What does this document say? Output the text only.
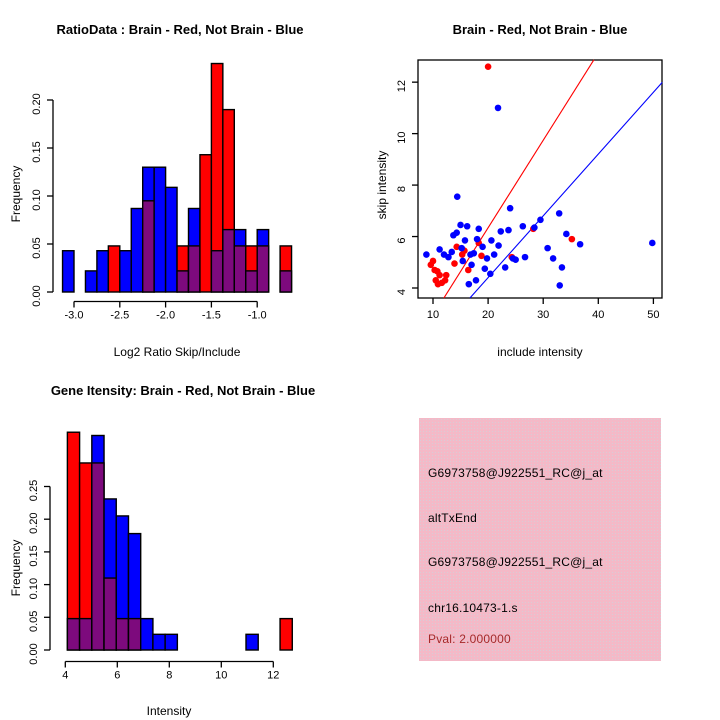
0.00
0.05
0.10
0.15
0.20
-3.0 -2.5 -2.0 -1.5 -1.0
0.00
0.05
0.10
0.15
0.20
0.25
4	6	8	10	12
10	20	30	40	50
4
6
8
10
12
RatioData : Brain - Red, Not Brain - Blue	Brain - Red, Not Brain - Blue
Gene Itensity: Brain - Red, Not Brain - Blue
Log2 Ratio Skip/Include	include intensity
Intensity
Frequency	skip intensity
Frequency
G6973758@J922551_RC@j_at
altTxEnd
G6973758@J922551_RC@j_at
chr16.10473-1.s
Pval: 2.000000
